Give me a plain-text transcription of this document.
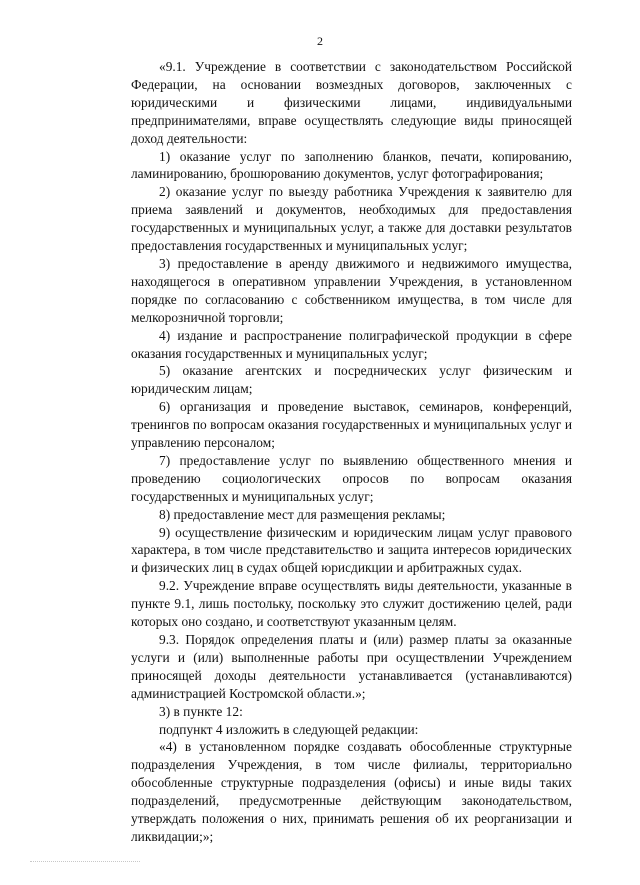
2

«9.1. Учреждение в соответствии с законодательством Российской Федерации, на основании возмездных договоров, заключенных с юридическими и физическими лицами, индивидуальными предпринимателями, вправе осуществлять следующие виды приносящей доход деятельности:

1) оказание услуг по заполнению бланков, печати, копированию, ламинированию, брошюрованию документов, услуг фотографирования;

2) оказание услуг по выезду работника Учреждения к заявителю для приема заявлений и документов, необходимых для предоставления государственных и муниципальных услуг, а также для доставки результатов предоставления государственных и муниципальных услуг;

3) предоставление в аренду движимого и недвижимого имущества, находящегося в оперативном управлении Учреждения, в установленном порядке по согласованию с собственником имущества, в том числе для мелкорозничной торговли;

4) издание и распространение полиграфической продукции в сфере оказания государственных и муниципальных услуг;

5) оказание агентских и посреднических услуг физическим и юридическим лицам;

6) организация и проведение выставок, семинаров, конференций, тренингов по вопросам оказания государственных и муниципальных услуг и управлению персоналом;

7) предоставление услуг по выявлению общественного мнения и проведению социологических опросов по вопросам оказания государственных и муниципальных услуг;

8) предоставление мест для размещения рекламы;

9) осуществление физическим и юридическим лицам услуг правового характера, в том числе представительство и защита интересов юридических и физических лиц в судах общей юрисдикции и арбитражных судах.

9.2. Учреждение вправе осуществлять виды деятельности, указанные в пункте 9.1, лишь постольку, поскольку это служит достижению целей, ради которых оно создано, и соответствуют указанным целям.

9.3. Порядок определения платы и (или) размер платы за оказанные услуги и (или) выполненные работы при осуществлении Учреждением приносящей доходы деятельности устанавливается (устанавливаются) администрацией Костромской области.»;

3) в пункте 12:

подпункт 4 изложить в следующей редакции:

«4) в установленном порядке создавать обособленные структурные подразделения Учреждения, в том числе филиалы, территориально обособленные структурные подразделения (офисы) и иные виды таких подразделений, предусмотренные действующим законодательством, утверждать положения о них, принимать решения об их реорганизации и ликвидации;»;
